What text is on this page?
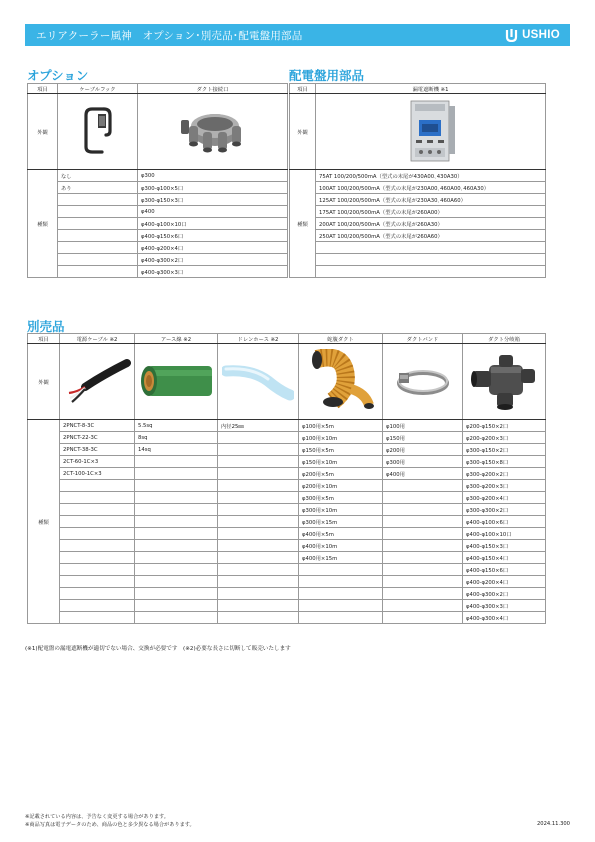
エリアクーラー風神　オプション･別売品･配電盤用部品	USHIO
オプション	配電盤用部品
別売品
項目	ケーブルフック	ダクト接続口
外観		
種類	なし	φ300
	あり	φ300‐φ100×5口
		φ300‐φ150×3口
		φ400
		φ400‐φ100×10口
		φ400‐φ150×6口
		φ400‐φ200×4口
		φ400‐φ300×2口
		φ400‐φ300×3口
項目	漏電遮断機 ※1
外観	
種類	75AT 100/200/500mA（型式の末尾が430A00､430A30）
	100AT 100/200/500mA（型式の末尾が230A00､460A00､460A30）
	125AT 100/200/500mA（型式の末尾が230A30､460A60）
	175AT 100/200/500mA（型式の末尾が260A00）
	200AT 100/200/500mA（型式の末尾が260A30）
	250AT 100/200/500mA（型式の末尾が260A60）

項目	電源ケーブル ※2	アース線 ※2	ドレンホース ※2	蛇腹ダクト	ダクトバンド	ダクト分岐箱
外観						
種類	2PNCT-8-3C	5.5sq	内径25㎜	φ100用×5m	φ100用	φ200‐φ150×2口
	2PNCT-22-3C	8sq		φ100用×10m	φ150用	φ200‐φ200×3口
	2PNCT-38-3C	14sq		φ150用×5m	φ200用	φ300‐φ150×2口
	2CT-60-1C×3			φ150用×10m	φ300用	φ300‐φ150×8口
	2CT-100-1C×3			φ200用×5m	φ400用	φ300‐φ200×2口
				φ200用×10m		φ300‐φ200×3口
				φ300用×5m		φ300‐φ200×4口
				φ300用×10m		φ300‐φ300×2口
				φ300用×15m		φ400‐φ100×6口
				φ400用×5m		φ400‐φ100×10口
				φ400用×10m		φ400‐φ150×3口
				φ400用×15m		φ400‐φ150×4口
						φ400‐φ150×6口
						φ400‐φ200×4口
						φ400‐φ300×2口
						φ400‐φ300×3口
						φ400‐φ300×4口
(※1)配電盤の漏電遮断機が適切でない場合、交換が必要です　(※2)必要な長さに切断して販売いたします
※記載されている内容は、予告なく変更する場合があります。
※商品写真は電子データのため、商品の色と多少異なる場合があります。	2024.11.300
